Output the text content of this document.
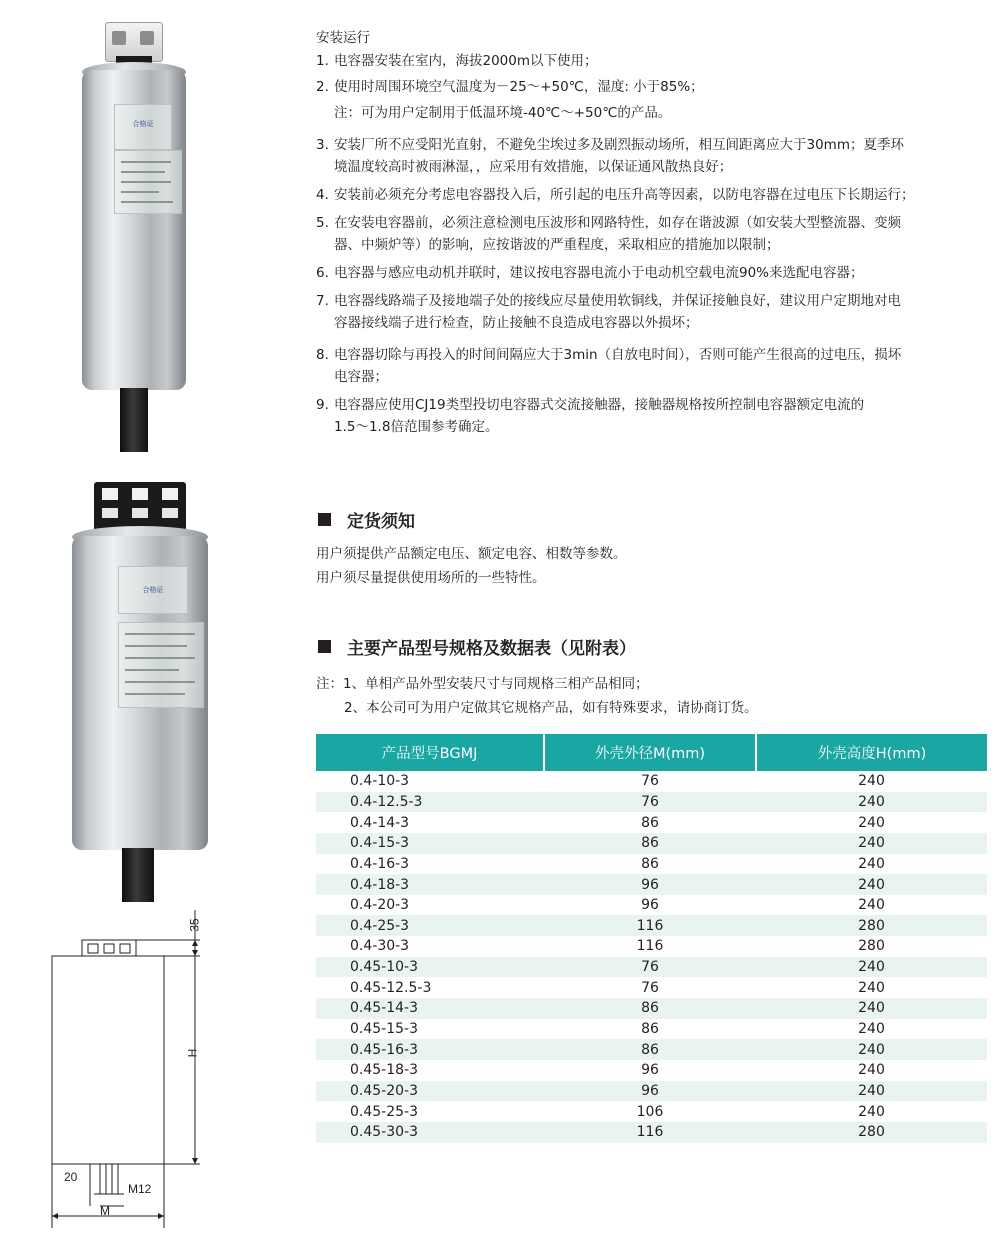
合格证
合格证
35
H
20
M12
M
安装运行
1. 电容器安装在室内，海拔2000m以下使用；
2. 使用时周围环境空气温度为－25～+50℃，湿度: 小于85%；
注：可为用户定制用于低温环境-40℃～+50℃的产品。
3. 安装厂所不应受阳光直射，不避免尘埃过多及剧烈振动场所，相互间距离应大于30mm；夏季环
境温度较高时被雨淋湿，，应采用有效措施，以保证通风散热良好；
4. 安装前必须充分考虑电容器投入后，所引起的电压升高等因素，以防电容器在过电压下长期运行；
5. 在安装电容器前，必须注意检测电压波形和网路特性，如存在谐波源（如安装大型整流器、变频
器、中频炉等）的影响，应按谐波的严重程度，采取相应的措施加以限制；
6. 电容器与感应电动机并联时，建议按电容器电流小于电动机空载电流90%来选配电容器；
7. 电容器线路端子及接地端子处的接线应尽量使用软铜线，并保证接触良好，建议用户定期地对电
容器接线端子进行检查，防止接触不良造成电容器以外损坏；
8. 电容器切除与再投入的时间间隔应大于3min（自放电时间），否则可能产生很高的过电压，损坏
电容器；
9. 电容器应使用CJ19类型投切电容器式交流接触器，接触器规格按所控制电容器额定电流的
1.5～1.8倍范围参考确定。
定货须知
用户须提供产品额定电压、额定电容、相数等参数。
用户须尽量提供使用场所的一些特性。
主要产品型号规格及数据表（见附表）
注：1、单相产品外型安装尺寸与同规格三相产品相同；
2、本公司可为用户定做其它规格产品，如有特殊要求，请协商订货。
产品型号BGMJ	外壳外径M(mm)	外壳高度H(mm)
0.4-10-3	76	240
0.4-12.5-3	76	240
0.4-14-3	86	240
0.4-15-3	86	240
0.4-16-3	86	240
0.4-18-3	96	240
0.4-20-3	96	240
0.4-25-3	116	280
0.4-30-3	116	280
0.45-10-3	76	240
0.45-12.5-3	76	240
0.45-14-3	86	240
0.45-15-3	86	240
0.45-16-3	86	240
0.45-18-3	96	240
0.45-20-3	96	240
0.45-25-3	106	240
0.45-30-3	116	280
